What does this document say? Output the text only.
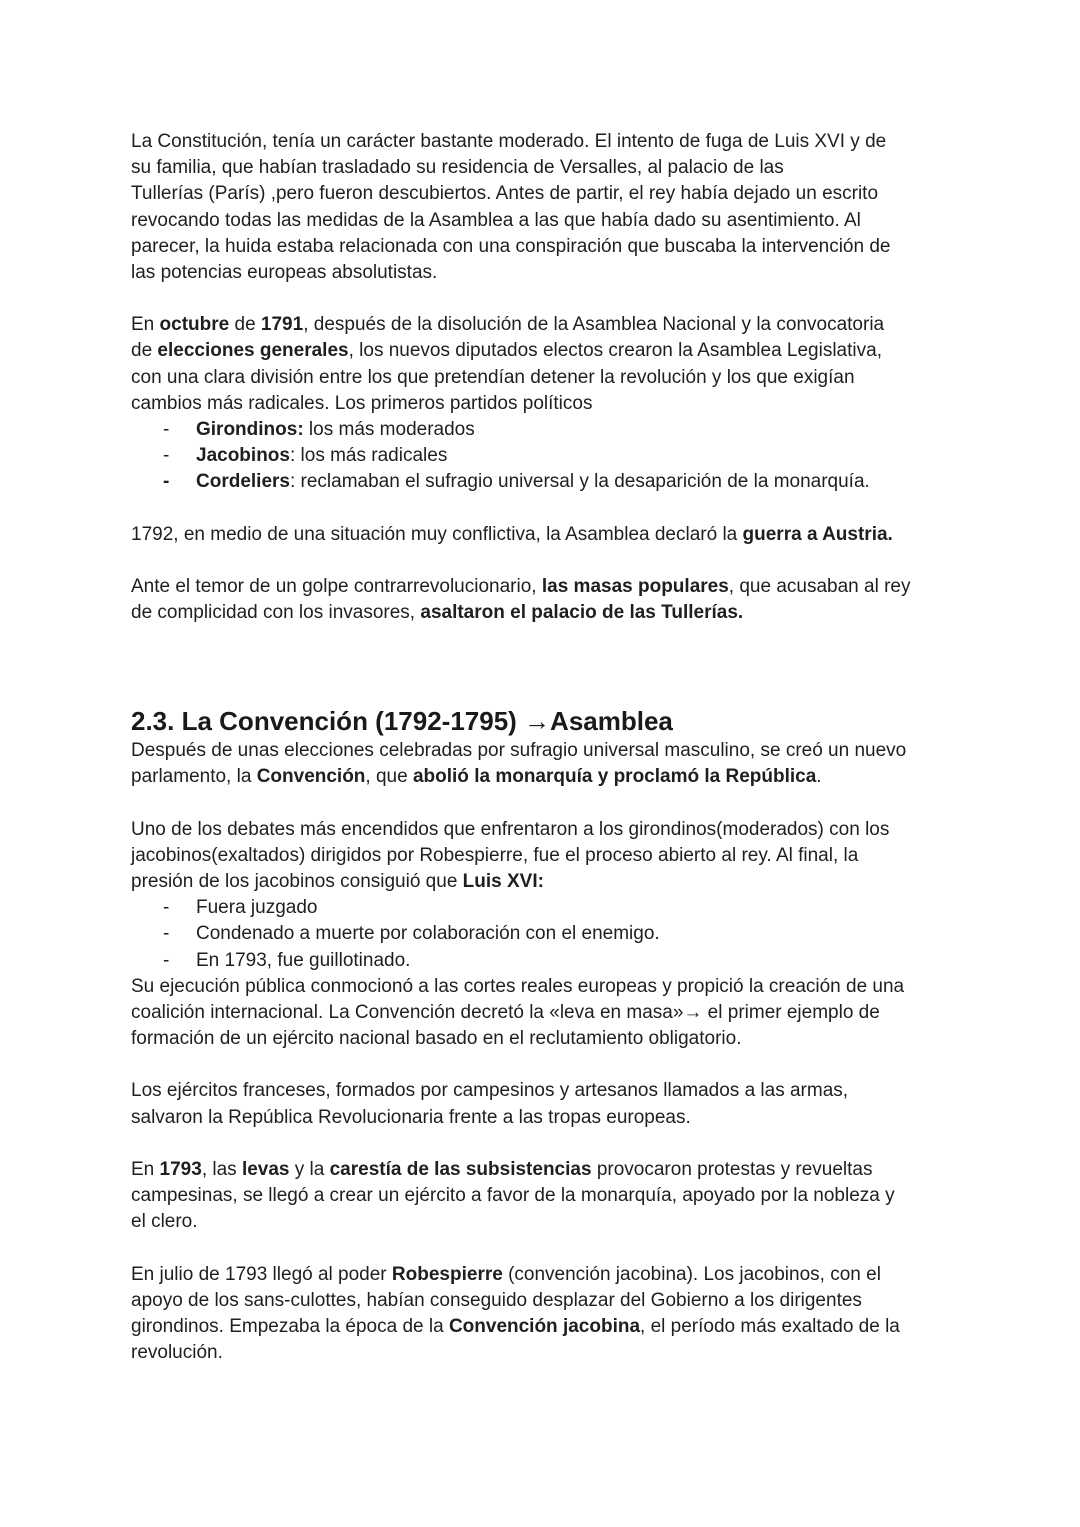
La Constitución, tenía un carácter bastante moderado. El intento de fuga de Luis XVI y de

su familia, que habían trasladado su residencia de Versalles, al palacio de las

Tullerías (París) ,pero fueron descubiertos. Antes de partir, el rey había dejado un escrito

revocando todas las medidas de la Asamblea a las que había dado su asentimiento. Al

parecer, la huida estaba relacionada con una conspiración que buscaba la intervención de

las potencias europeas absolutistas.

En octubre de 1791, después de la disolución de la Asamblea Nacional y la convocatoria

de elecciones generales, los nuevos diputados electos crearon la Asamblea Legislativa,

con una clara división entre los que pretendían detener la revolución y los que exigían

cambios más radicales. Los primeros partidos políticos

- Girondinos: los más moderados
- Jacobinos: los más radicales
- Cordeliers: reclamaban el sufragio universal y la desaparición de la monarquía.

1792, en medio de una situación muy conflictiva, la Asamblea declaró la guerra a Austria.

Ante el temor de un golpe contrarrevolucionario, las masas populares, que acusaban al rey

de complicidad con los invasores, asaltaron el palacio de las Tullerías.

2.3. La Convención (1792-1795) →Asamblea

Después de unas elecciones celebradas por sufragio universal masculino, se creó un nuevo

parlamento, la Convención, que abolió la monarquía y proclamó la República.

Uno de los debates más encendidos que enfrentaron a los girondinos(moderados) con los

jacobinos(exaltados) dirigidos por Robespierre, fue el proceso abierto al rey. Al final, la

presión de los jacobinos consiguió que Luis XVI:

- Fuera juzgado
- Condenado a muerte por colaboración con el enemigo.
- En 1793, fue guillotinado.

Su ejecución pública conmocionó a las cortes reales europeas y propició la creación de una

coalición internacional. La Convención decretó la «leva en masa»→ el primer ejemplo de

formación de un ejército nacional basado en el reclutamiento obligatorio.

Los ejércitos franceses, formados por campesinos y artesanos llamados a las armas,

salvaron la República Revolucionaria frente a las tropas europeas.

En 1793, las levas y la carestía de las subsistencias provocaron protestas y revueltas

campesinas, se llegó a crear un ejército a favor de la monarquía, apoyado por la nobleza y

el clero.

En julio de 1793 llegó al poder Robespierre (convención jacobina). Los jacobinos, con el

apoyo de los sans-culottes, habían conseguido desplazar del Gobierno a los dirigentes

girondinos. Empezaba la época de la Convención jacobina, el período más exaltado de la

revolución.
